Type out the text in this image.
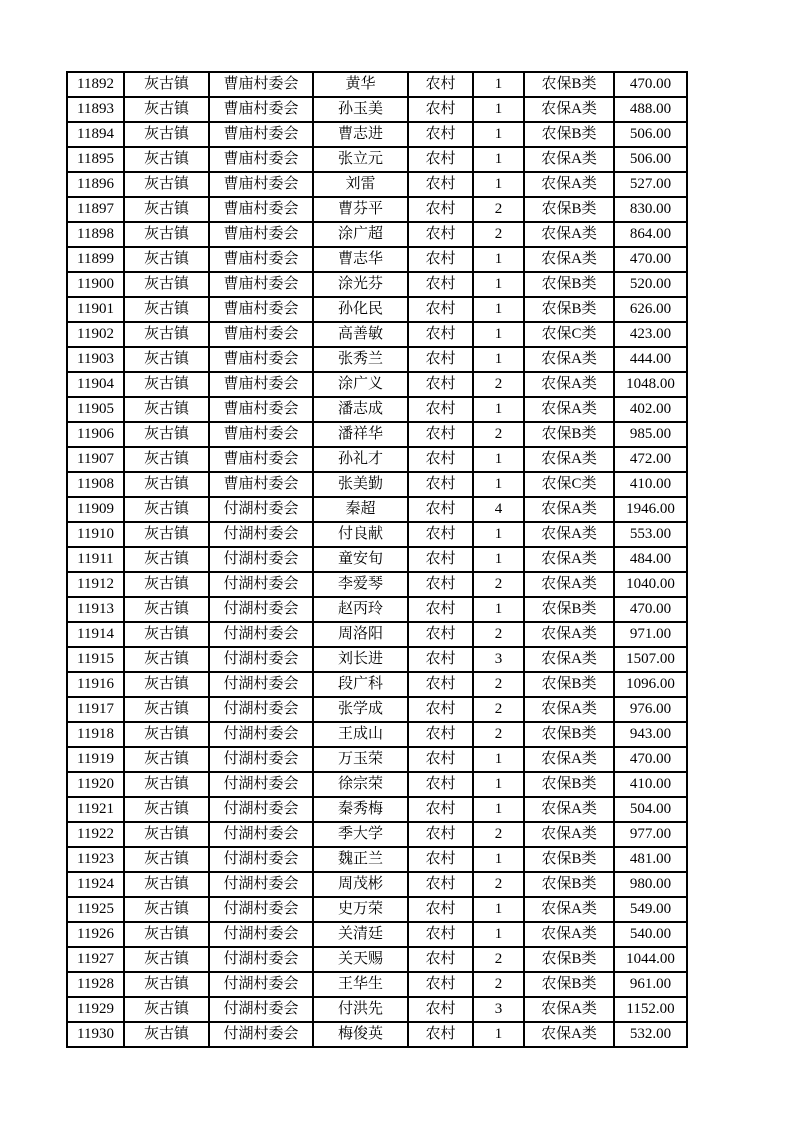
11892	灰古镇	曹庙村委会	黄华	农村	1	农保B类	470.00
11893	灰古镇	曹庙村委会	孙玉美	农村	1	农保A类	488.00
11894	灰古镇	曹庙村委会	曹志进	农村	1	农保B类	506.00
11895	灰古镇	曹庙村委会	张立元	农村	1	农保A类	506.00
11896	灰古镇	曹庙村委会	刘雷	农村	1	农保A类	527.00
11897	灰古镇	曹庙村委会	曹芬平	农村	2	农保B类	830.00
11898	灰古镇	曹庙村委会	涂广超	农村	2	农保A类	864.00
11899	灰古镇	曹庙村委会	曹志华	农村	1	农保A类	470.00
11900	灰古镇	曹庙村委会	涂光芬	农村	1	农保B类	520.00
11901	灰古镇	曹庙村委会	孙化民	农村	1	农保B类	626.00
11902	灰古镇	曹庙村委会	高善敏	农村	1	农保C类	423.00
11903	灰古镇	曹庙村委会	张秀兰	农村	1	农保A类	444.00
11904	灰古镇	曹庙村委会	涂广义	农村	2	农保A类	1048.00
11905	灰古镇	曹庙村委会	潘志成	农村	1	农保A类	402.00
11906	灰古镇	曹庙村委会	潘祥华	农村	2	农保B类	985.00
11907	灰古镇	曹庙村委会	孙礼才	农村	1	农保A类	472.00
11908	灰古镇	曹庙村委会	张美勤	农村	1	农保C类	410.00
11909	灰古镇	付湖村委会	秦超	农村	4	农保A类	1946.00
11910	灰古镇	付湖村委会	付良献	农村	1	农保A类	553.00
11911	灰古镇	付湖村委会	童安旬	农村	1	农保A类	484.00
11912	灰古镇	付湖村委会	李爱琴	农村	2	农保A类	1040.00
11913	灰古镇	付湖村委会	赵丙玲	农村	1	农保B类	470.00
11914	灰古镇	付湖村委会	周洛阳	农村	2	农保A类	971.00
11915	灰古镇	付湖村委会	刘长进	农村	3	农保A类	1507.00
11916	灰古镇	付湖村委会	段广科	农村	2	农保B类	1096.00
11917	灰古镇	付湖村委会	张学成	农村	2	农保A类	976.00
11918	灰古镇	付湖村委会	王成山	农村	2	农保B类	943.00
11919	灰古镇	付湖村委会	万玉荣	农村	1	农保A类	470.00
11920	灰古镇	付湖村委会	徐宗荣	农村	1	农保B类	410.00
11921	灰古镇	付湖村委会	秦秀梅	农村	1	农保A类	504.00
11922	灰古镇	付湖村委会	季大学	农村	2	农保A类	977.00
11923	灰古镇	付湖村委会	魏正兰	农村	1	农保B类	481.00
11924	灰古镇	付湖村委会	周茂彬	农村	2	农保B类	980.00
11925	灰古镇	付湖村委会	史万荣	农村	1	农保A类	549.00
11926	灰古镇	付湖村委会	关清廷	农村	1	农保A类	540.00
11927	灰古镇	付湖村委会	关天赐	农村	2	农保B类	1044.00
11928	灰古镇	付湖村委会	王华生	农村	2	农保B类	961.00
11929	灰古镇	付湖村委会	付洪先	农村	3	农保A类	1152.00
11930	灰古镇	付湖村委会	梅俊英	农村	1	农保A类	532.00
